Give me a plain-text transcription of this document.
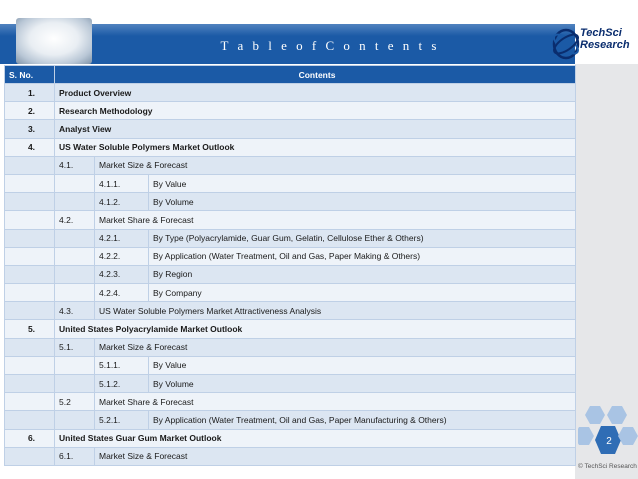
T a b l e o f C o n t e n t s
TechSci
Research
S. No.	Contents		
1.	Product Overview		
2.	Research Methodology		
3.	Analyst View		
4.	US Water Soluble Polymers Market Outlook		
	4.1.	Market Size & Forecast	
		4.1.1.	By Value
		4.1.2.	By Volume
	4.2.	Market Share & Forecast	
		4.2.1.	By Type (Polyacrylamide, Guar Gum, Gelatin, Cellulose Ether & Others)
		4.2.2.	By Application (Water Treatment, Oil and Gas, Paper Making & Others)
		4.2.3.	By Region
		4.2.4.	By Company
	4.3.	US Water Soluble Polymers Market Attractiveness Analysis	
5.	United States Polyacrylamide Market Outlook		
	5.1.	Market Size & Forecast	
		5.1.1.	By Value
		5.1.2.	By Volume
	5.2	Market Share & Forecast	
		5.2.1.	By Application (Water Treatment, Oil and Gas, Paper Manufacturing & Others)
6.	United States Guar Gum Market Outlook		
	6.1.	Market Size & Forecast	
2
© TechSci Research
